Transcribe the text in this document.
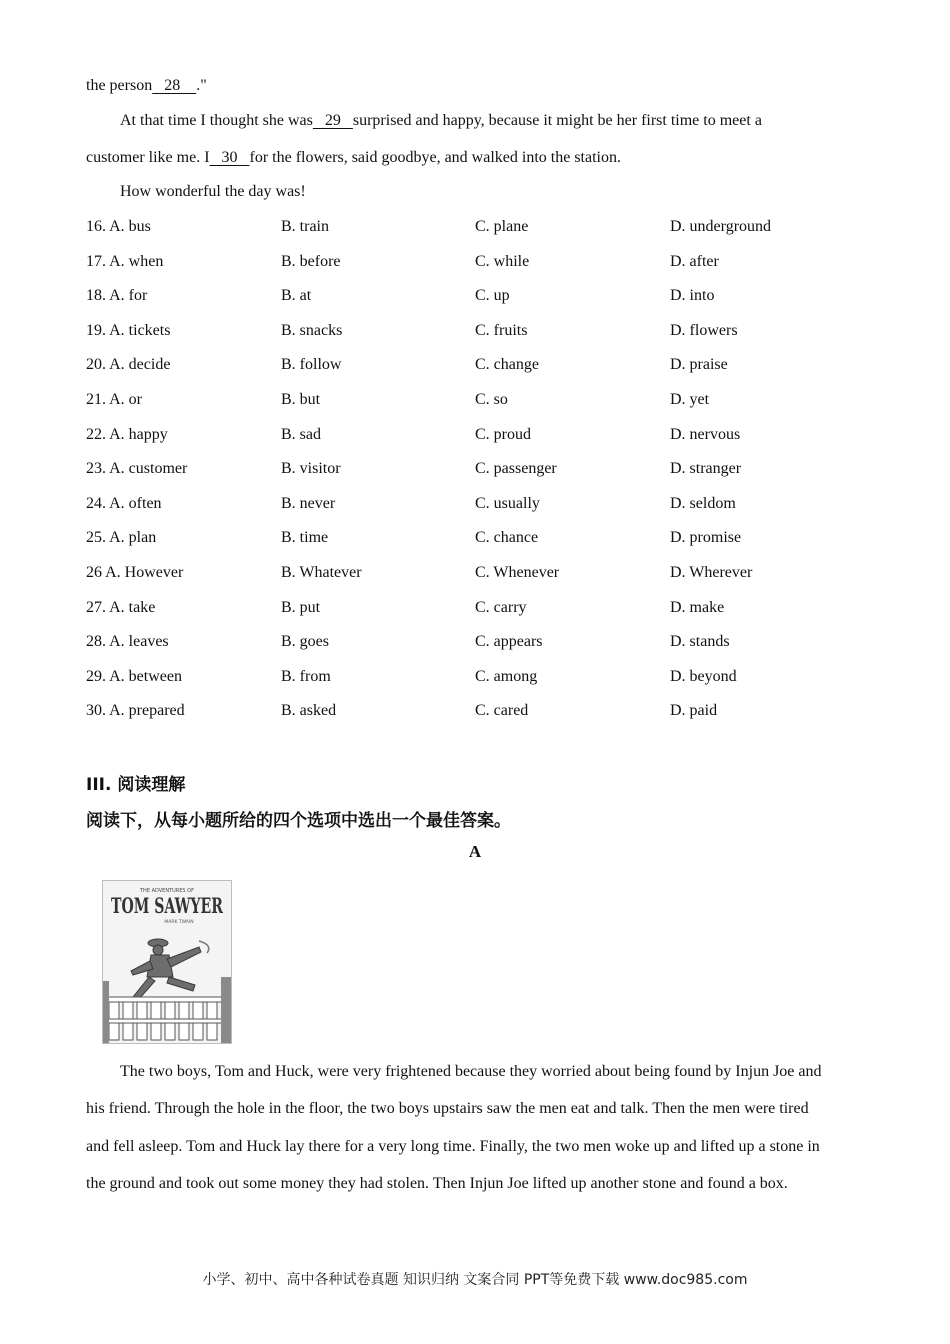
the person 28 ."
At that time I thought she was 29 surprised and happy, because it might be her first time to meet a
customer like me. I 30 for the flowers, said goodbye, and walked into the station.
How wonderful the day was!
16. A. bus	B. train	C. plane	D. underground
17. A. when	B. before	C. while	D. after
18. A. for	B. at	C. up	D. into
19. A. tickets	B. snacks	C. fruits	D. flowers
20. A. decide	B. follow	C. change	D. praise
21. A. or	B. but	C. so	D. yet
22. A. happy	B. sad	C. proud	D. nervous
23. A. customer	B. visitor	C. passenger	D. stranger
24. A. often	B. never	C. usually	D. seldom
25. A. plan	B. time	C. chance	D. promise
26 A. However	B. Whatever	C. Whenever	D. Wherever
27. A. take	B. put	C. carry	D. make
28. A. leaves	B. goes	C. appears	D. stands
29. A. between	B. from	C. among	D. beyond
30. A. prepared	B. asked	C. cared	D. paid
III. 阅读理解
阅读下，从每小题所给的四个选项中选出一个最佳答案。
A
THE ADVENTURES OF
TOM SAWYER
MARK TWAIN
The two boys, Tom and Huck, were very frightened because they worried about being found by Injun Joe and
his friend. Through the hole in the floor, the two boys upstairs saw the men eat and talk. Then the men were tired
and fell asleep. Tom and Huck lay there for a very long time. Finally, the two men woke up and lifted up a stone in
the ground and took out some money they had stolen. Then Injun Joe lifted up another stone and found a box.
小学、初中、高中各种试卷真题 知识归纳 文案合同 PPT等免费下载 www.doc985.com
